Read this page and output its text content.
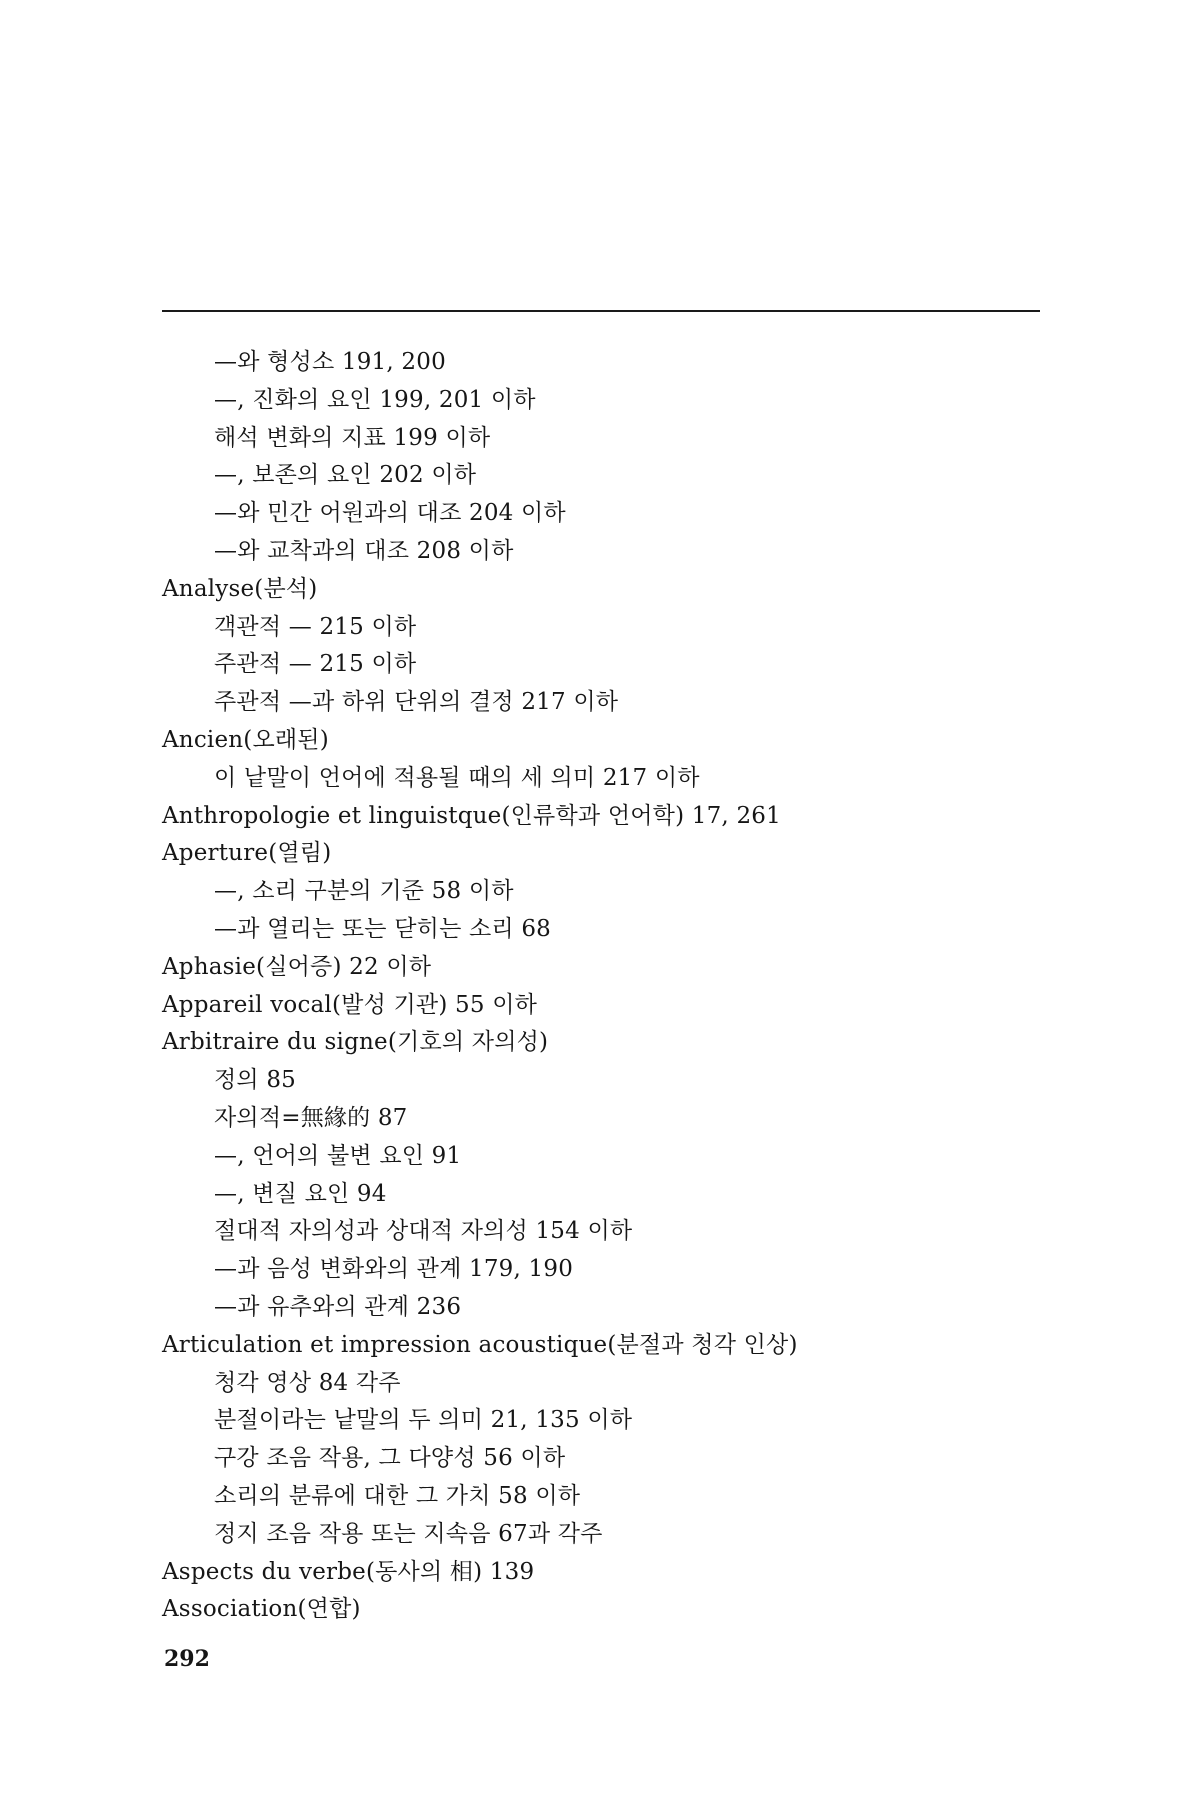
—와 형성소 191, 200
—, 진화의 요인 199, 201 이하
해석 변화의 지표 199 이하
—, 보존의 요인 202 이하
—와 민간 어원과의 대조 204 이하
—와 교착과의 대조 208 이하
Analyse(분석)
객관적 — 215 이하
주관적 — 215 이하
주관적 —과 하위 단위의 결정 217 이하
Ancien(오래된)
이 낱말이 언어에 적용될 때의 세 의미 217 이하
Anthropologie et linguistque(인류학과 언어학) 17, 261
Aperture(열림)
—, 소리 구분의 기준 58 이하
—과 열리는 또는 닫히는 소리 68
Aphasie(실어증) 22 이하
Appareil vocal(발성 기관) 55 이하
Arbitraire du signe(기호의 자의성)
정의 85
자의적=無緣的 87
—, 언어의 불변 요인 91
—, 변질 요인 94
절대적 자의성과 상대적 자의성 154 이하
—과 음성 변화와의 관계 179, 190
—과 유추와의 관계 236
Articulation et impression acoustique(분절과 청각 인상)
청각 영상 84 각주
분절이라는 낱말의 두 의미 21, 135 이하
구강 조음 작용, 그 다양성 56 이하
소리의 분류에 대한 그 가치 58 이하
정지 조음 작용 또는 지속음 67과 각주
Aspects du verbe(동사의 相) 139
Association(연합)
292
